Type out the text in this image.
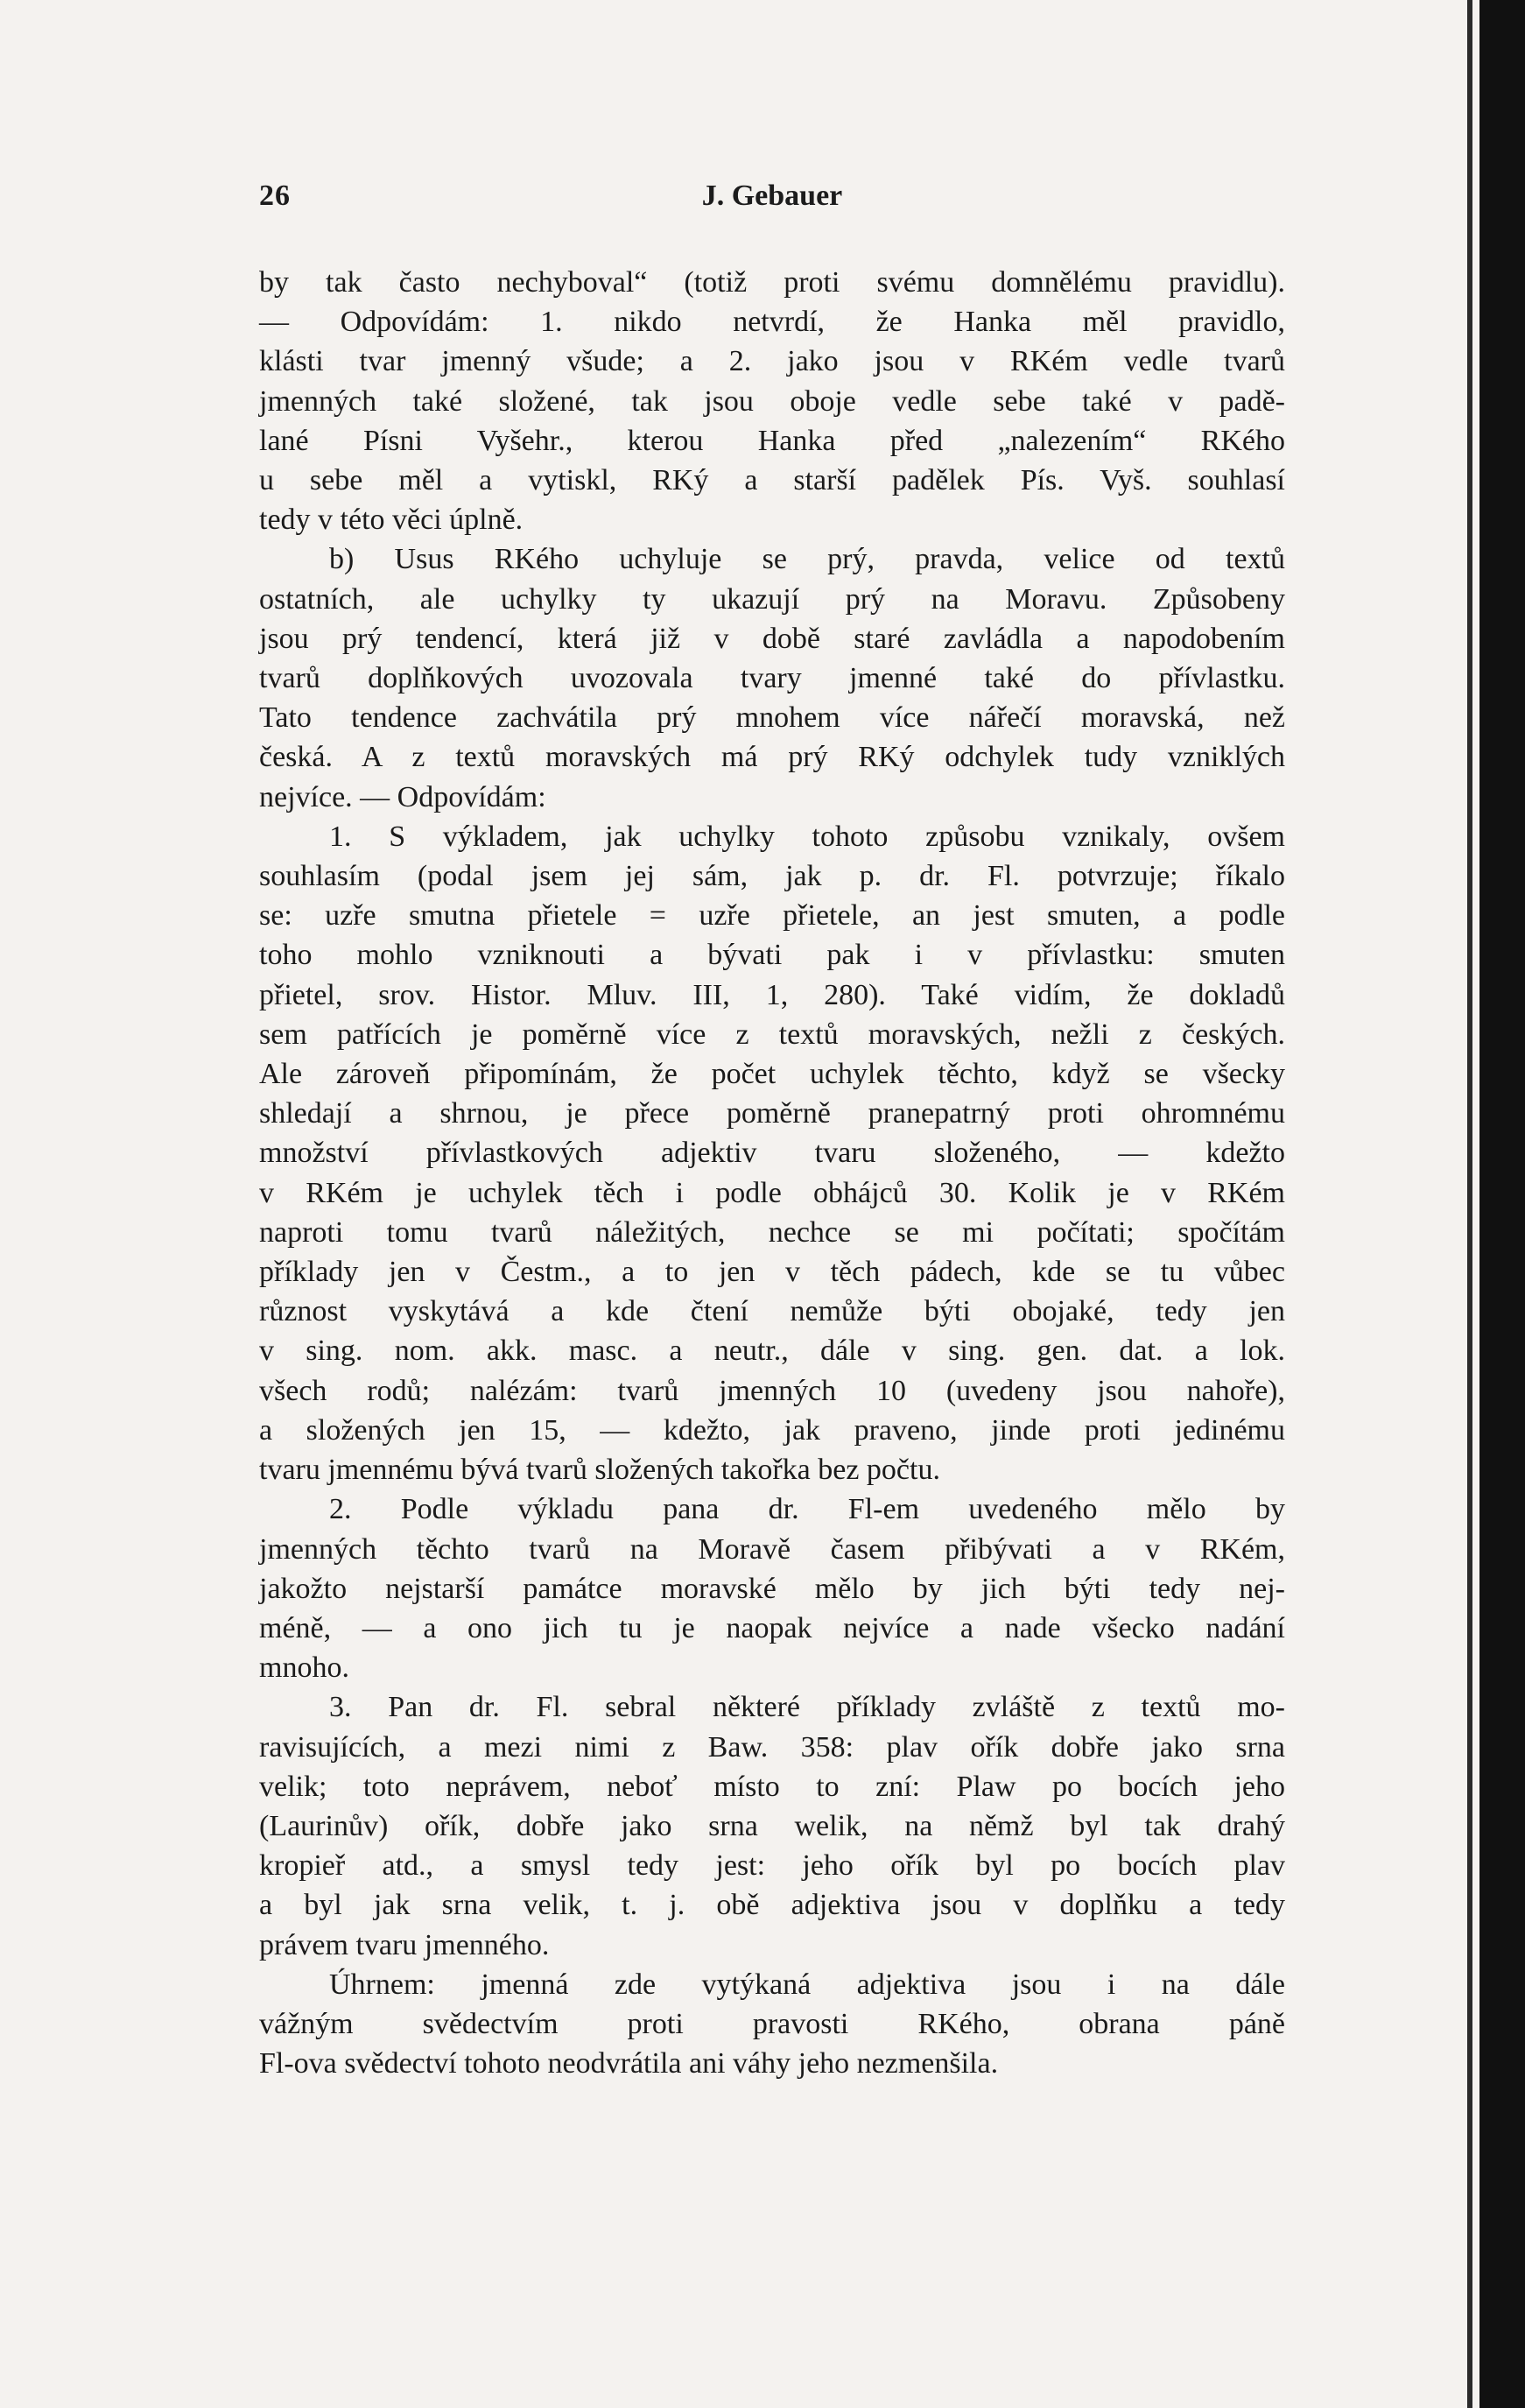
26	J. Gebauer
by tak často nechyboval“ (totiž proti svému domnělému pravidlu).
— Odpovídám: 1. nikdo netvrdí, že Hanka měl pravidlo,
klásti tvar jmenný všude; a 2. jako jsou v RKém vedle tvarů
jmenných také složené, tak jsou oboje vedle sebe také v padě-
lané Písni Vyšehr., kterou Hanka před „nalezením“ RKého
u sebe měl a vytiskl, RKý a starší padělek Pís. Vyš. souhlasí
tedy v této věci úplně.
b) Usus RKého uchyluje se prý, pravda, velice od textů
ostatních, ale uchylky ty ukazují prý na Moravu. Způsobeny
jsou prý tendencí, která již v době staré zavládla a napodobením
tvarů doplňkových uvozovala tvary jmenné také do přívlastku.
Tato tendence zachvátila prý mnohem více nářečí moravská, než
česká. A z textů moravských má prý RKý odchylek tudy vzniklých
nejvíce. — Odpovídám:
1. S výkladem, jak uchylky tohoto způsobu vznikaly, ovšem
souhlasím (podal jsem jej sám, jak p. dr. Fl. potvrzuje; říkalo
se: uzře smutna přietele = uzře přietele, an jest smuten, a podle
toho mohlo vzniknouti a bývati pak i v přívlastku: smuten
přietel, srov. Histor. Mluv. III, 1, 280). Také vidím, že dokladů
sem patřících je poměrně více z textů moravských, nežli z českých.
Ale zároveň připomínám, že počet uchylek těchto, když se všecky
shledají a shrnou, je přece poměrně pranepatrný proti ohromnému
množství přívlastkových adjektiv tvaru složeného, — kdežto
v RKém je uchylek těch i podle obhájců 30. Kolik je v RKém
naproti tomu tvarů náležitých, nechce se mi počítati; spočítám
příklady jen v Čestm., a to jen v těch pádech, kde se tu vůbec
různost vyskytává a kde čtení nemůže býti obojaké, tedy jen
v sing. nom. akk. masc. a neutr., dále v sing. gen. dat. a lok.
všech rodů; nalézám: tvarů jmenných 10 (uvedeny jsou nahoře),
a složených jen 15, — kdežto, jak praveno, jinde proti jedinému
tvaru jmennému bývá tvarů složených takořka bez počtu.
2. Podle výkladu pana dr. Fl-em uvedeného mělo by
jmenných těchto tvarů na Moravě časem přibývati a v RKém,
jakožto nejstarší památce moravské mělo by jich býti tedy nej-
méně, — a ono jich tu je naopak nejvíce a nade všecko nadání
mnoho.
3. Pan dr. Fl. sebral některé příklady zvláště z textů mo-
ravisujících, a mezi nimi z Baw. 358: plav ořík dobře jako srna
velik; toto neprávem, neboť místo to zní: Plaw po bocích jeho
(Laurinův) ořík, dobře jako srna welik, na němž byl tak drahý
kropieř atd., a smysl tedy jest: jeho ořík byl po bocích plav
a byl jak srna velik, t. j. obě adjektiva jsou v doplňku a tedy
právem tvaru jmenného.
Úhrnem: jmenná zde vytýkaná adjektiva jsou i na dále
vážným svědectvím proti pravosti RKého, obrana páně
Fl-ova svědectví tohoto neodvrátila ani váhy jeho nezmenšila.
